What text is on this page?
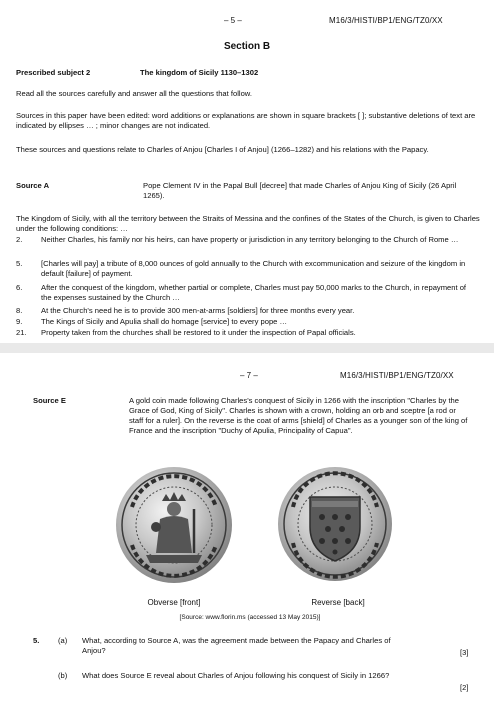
– 5 –	M16/3/HISTI/BP1/ENG/TZ0/XX
Section B
Prescribed subject 2	The kingdom of Sicily 1130–1302
Read all the sources carefully and answer all the questions that follow.
Sources in this paper have been edited: word additions or explanations are shown in square brackets [ ]; substantive deletions of text are indicated by ellipses … ; minor changes are not indicated.
These sources and questions relate to Charles of Anjou [Charles I of Anjou] (1266–1282) and his relations with the Papacy.
Source A	Pope Clement IV in the Papal Bull [decree] that made Charles of Anjou King of Sicily (26 April 1265).
The Kingdom of Sicily, with all the territory between the Straits of Messina and the confines of the States of the Church, is given to Charles under the following conditions: …
2.	Neither Charles, his family nor his heirs, can have property or jurisdiction in any territory belonging to the Church of Rome …
5.	[Charles will pay] a tribute of 8,000 ounces of gold annually to the Church with excommunication and seizure of the kingdom in default [failure] of payment.
6.	After the conquest of the kingdom, whether partial or complete, Charles must pay 50,000 marks to the Church, in repayment of the expenses sustained by the Church …
8.	At the Church's need he is to provide 300 men-at-arms [soldiers] for three months every year.
9.	The Kings of Sicily and Apulia shall do homage [service] to every pope …
21.	Property taken from the churches shall be restored to it under the inspection of Papal officials.
– 7 –	M16/3/HISTI/BP1/ENG/TZ0/XX
Source E	A gold coin made following Charles's conquest of Sicily in 1266 with the inscription "Charles by the Grace of God, King of Sicily". Charles is shown with a crown, holding an orb and sceptre [a rod or staff for a ruler]. On the reverse is the coat of arms [shield] of Charles as a younger son of the king of France and the inscription "Duchy of Apulia, Principality of Capua".
Obverse [front]	Reverse [back]
[Source: www.florin.ms (accessed 13 May 2015)]
5. (a) What, according to Source A, was the agreement made between the Papacy and Charles of Anjou?	[3]
(b) What does Source E reveal about Charles of Anjou following his conquest of Sicily in 1266?
[2]
